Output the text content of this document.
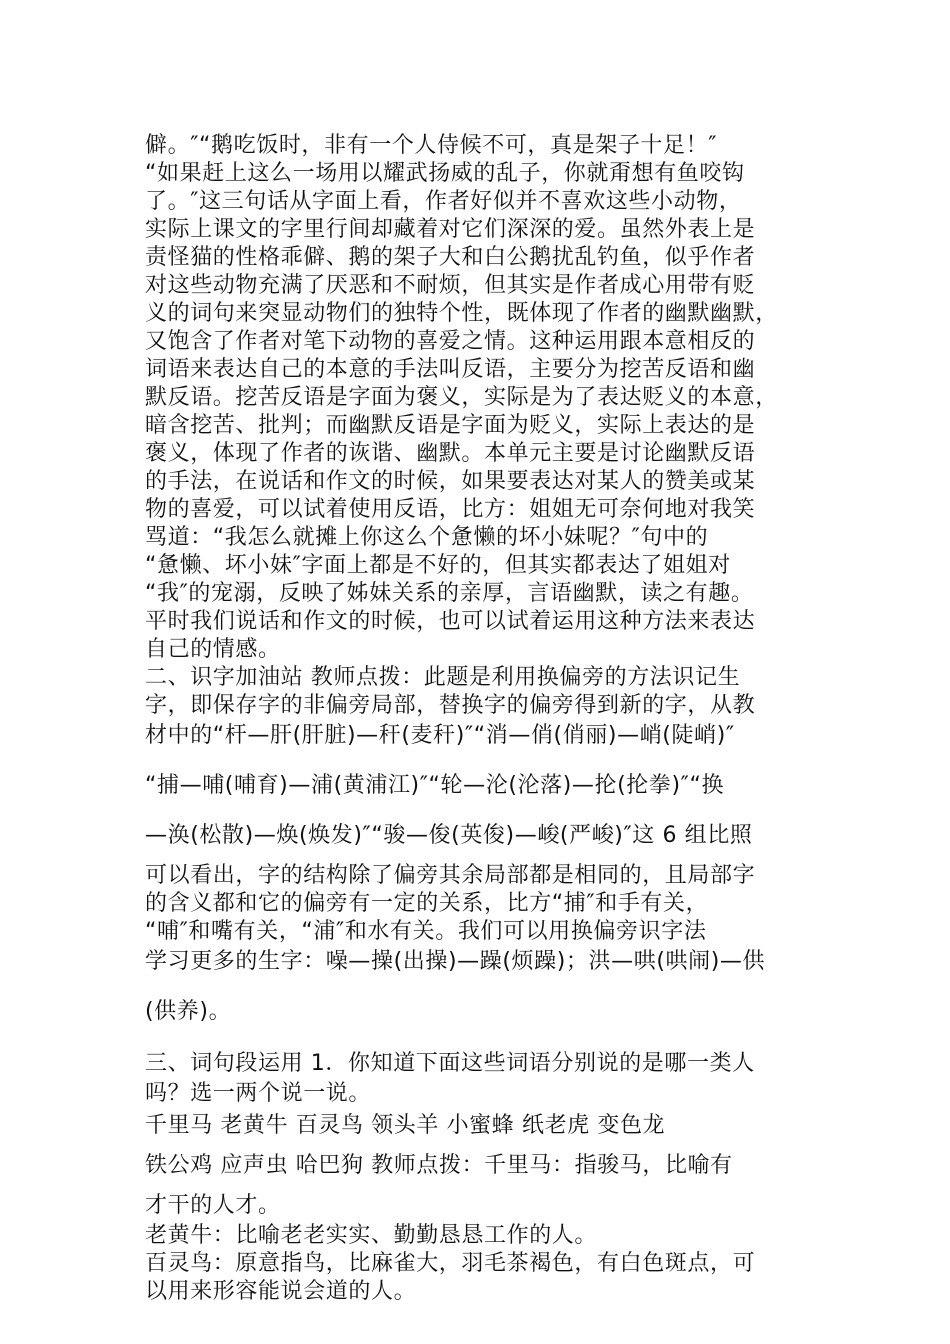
僻。″“鹅吃饭时，非有一个人侍候不可，真是架子十足！″
“如果赶上这么一场用以耀武扬威的乱子，你就甭想有鱼咬钩
了。″这三句话从字面上看，作者好似并不喜欢这些小动物，
实际上课文的字里行间却藏着对它们深深的爱。虽然外表上是
责怪猫的性格乖僻、鹅的架子大和白公鹅扰乱钓鱼，似乎作者
对这些动物充满了厌恶和不耐烦，但其实是作者成心用带有贬
义的词句来突显动物们的独特个性，既体现了作者的幽默幽默，
又饱含了作者对笔下动物的喜爱之情。这种运用跟本意相反的
词语来表达自己的本意的手法叫反语，主要分为挖苦反语和幽
默反语。挖苦反语是字面为褒义，实际是为了表达贬义的本意，
暗含挖苦、批判；而幽默反语是字面为贬义，实际上表达的是
褒义，体现了作者的诙谐、幽默。本单元主要是讨论幽默反语
的手法，在说话和作文的时候，如果要表达对某人的赞美或某
物的喜爱，可以试着使用反语，比方：姐姐无可奈何地对我笑
骂道：“我怎么就摊上你这么个惫懒的坏小妹呢？″句中的
“惫懒、坏小妹″字面上都是不好的，但其实都表达了姐姐对
“我″的宠溺，反映了姊妹关系的亲厚，言语幽默，读之有趣。
平时我们说话和作文的时候，也可以试着运用这种方法来表达
自己的情感。
二、识字加油站 教师点拨：此题是利用换偏旁的方法识记生
字，即保存字的非偏旁局部，替换字的偏旁得到新的字，从教
材中的“杆—肝(肝脏)—秆(麦秆)″“消—俏(俏丽)—峭(陡峭)″
“捕—哺(哺育)—浦(黄浦江)″“轮—沦(沦落)—抡(抡拳)″“换
—涣(松散)—焕(焕发)″“骏—俊(英俊)—峻(严峻)″这 6 组比照
可以看出，字的结构除了偏旁其余局部都是相同的，且局部字
的含义都和它的偏旁有一定的关系，比方“捕″和手有关，
“哺″和嘴有关，“浦″和水有关。我们可以用换偏旁识字法
学习更多的生字：噪—操(出操)—躁(烦躁)；洪—哄(哄闹)—供
(供养)。
三、词句段运用 1．你知道下面这些词语分别说的是哪一类人
吗？选一两个说一说。
千里马 老黄牛 百灵鸟 领头羊 小蜜蜂 纸老虎 变色龙
铁公鸡 应声虫 哈巴狗 教师点拨：千里马：指骏马，比喻有
才干的人才。
老黄牛：比喻老老实实、勤勤恳恳工作的人。
百灵鸟：原意指鸟，比麻雀大，羽毛茶褐色，有白色斑点，可
以用来形容能说会道的人。
